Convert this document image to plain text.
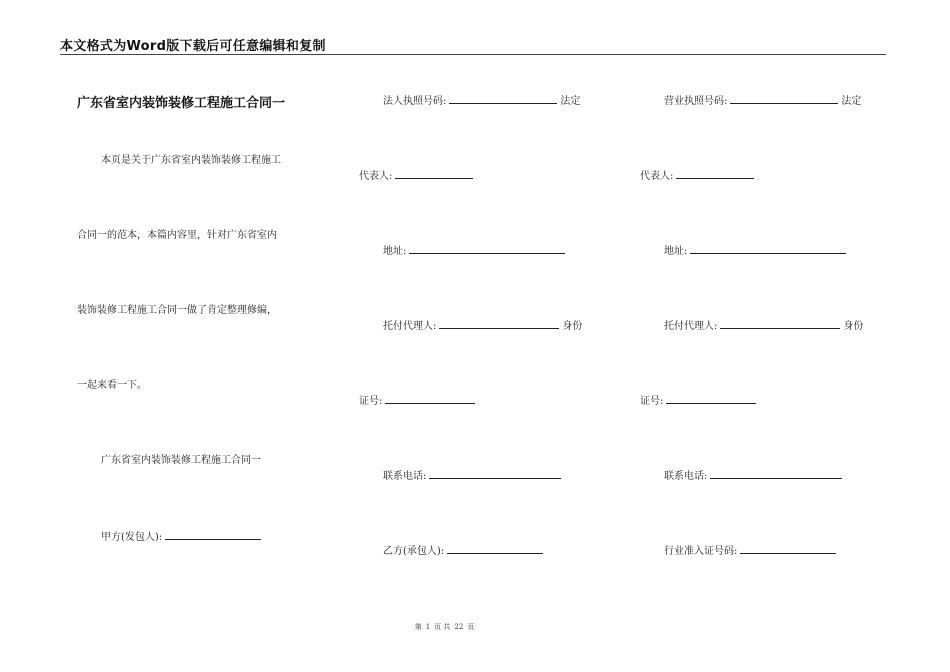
本文格式为Word版下载后可任意编辑和复制
广东省室内装饰装修工程施工合同一
本页是关于广东省室内装饰装修工程施工
合同一的范本，本篇内容里，针对广东省室内
装饰装修工程施工合同一做了肯定整理修编，
一起来看一下。
广东省室内装饰装修工程施工合同一
甲方(发包人):
法人执照号码:	法定
代表人:
地址:
托付代理人:	身份
证号:
联系电话:
乙方(承包人):
营业执照号码:	法定
代表人:
地址:
托付代理人:	身份
证号:
联系电话:
行业准入证号码:
第 1 页 共 22 页
